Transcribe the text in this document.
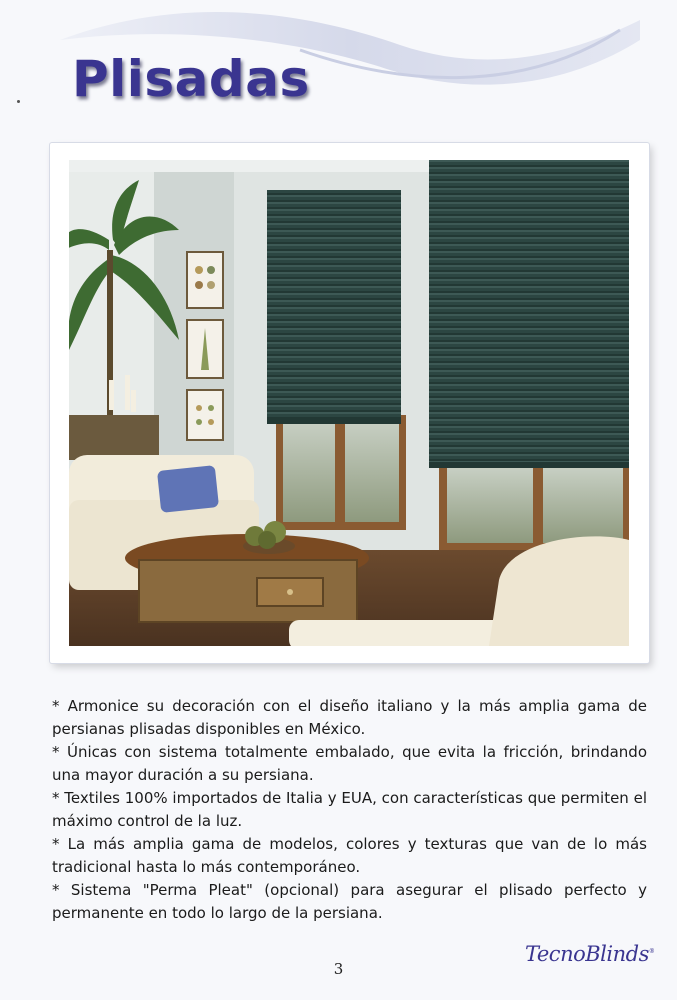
Plisadas
* Armonice su decoración con el diseño italiano y la más amplia gama de persianas plisadas disponibles en México.
* Únicas con sistema totalmente embalado, que evita la fricción, brindando una mayor duración a su persiana.
* Textiles 100% importados de Italia y EUA, con características que permiten el máximo control de la luz.
* La más amplia gama de modelos, colores y texturas que van de lo más tradicional hasta lo más contemporáneo.
* Sistema "Perma Pleat" (opcional) para asegurar el plisado perfecto y permanente en todo lo largo de la persiana.
TecnoBlinds®
3
